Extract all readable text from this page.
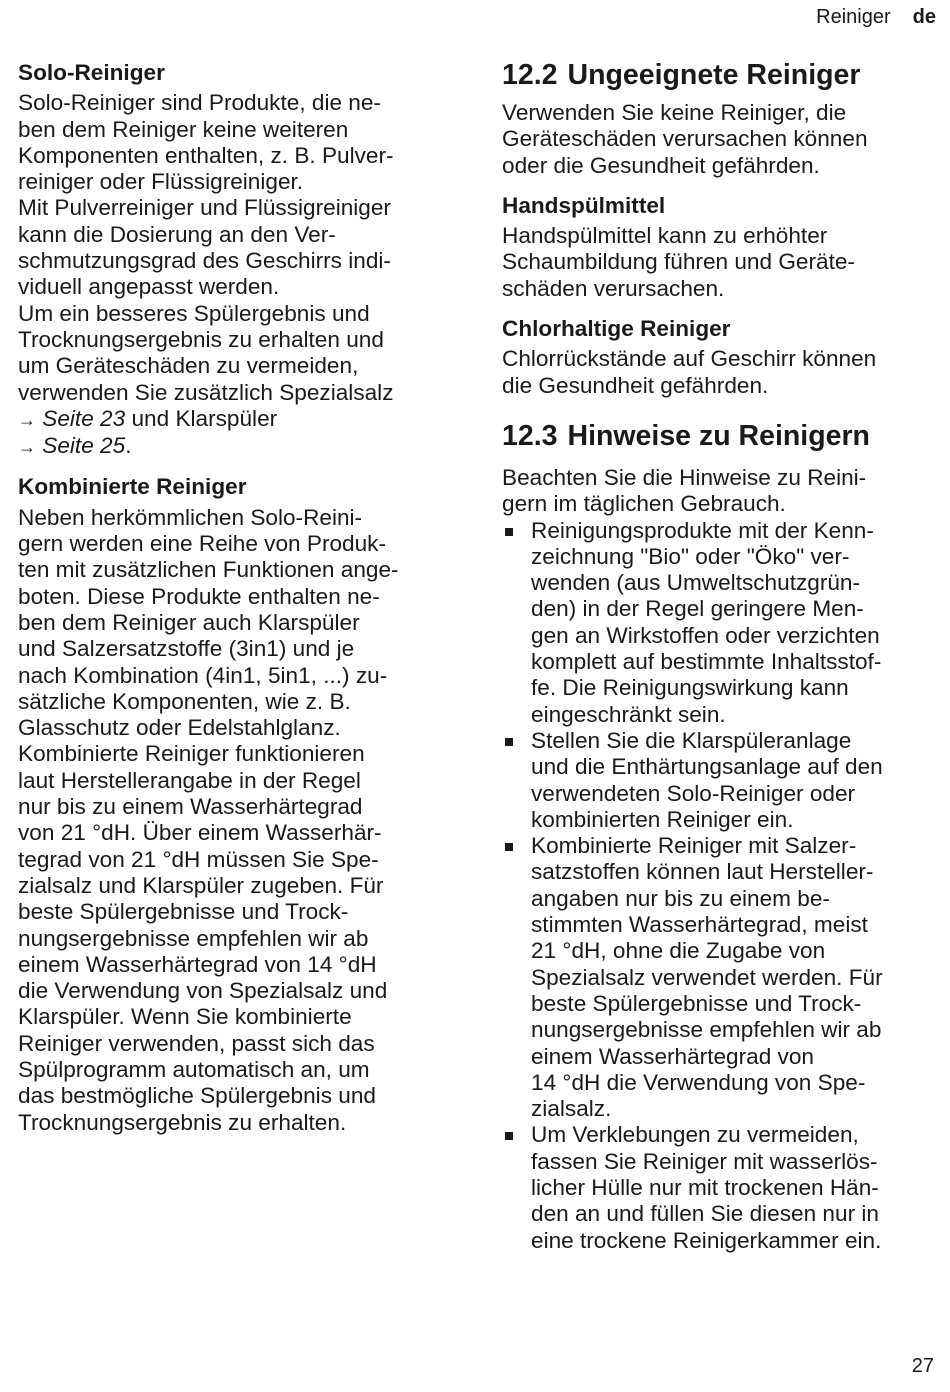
Reiniger de
Solo-Reiniger
Solo-Reiniger sind Produkte, die ne-
ben dem Reiniger keine weiteren
Komponenten enthalten, z. B. Pulver-
reiniger oder Flüssigreiniger.
Mit Pulverreiniger und Flüssigreiniger
kann die Dosierung an den Ver-
schmutzungsgrad des Geschirrs indi-
viduell angepasst werden.
Um ein besseres Spülergebnis und
Trocknungsergebnis zu erhalten und
um Geräteschäden zu vermeiden,
verwenden Sie zusätzlich Spezialsalz
→ Seite 23 und Klarspüler
→ Seite 25.
Kombinierte Reiniger
Neben herkömmlichen Solo-Reini-
gern werden eine Reihe von Produk-
ten mit zusätzlichen Funktionen ange-
boten. Diese Produkte enthalten ne-
ben dem Reiniger auch Klarspüler
und Salzersatzstoffe (3in1) und je
nach Kombination (4in1, 5in1, ...) zu-
sätzliche Komponenten, wie z. B.
Glasschutz oder Edelstahlglanz.
Kombinierte Reiniger funktionieren
laut Herstellerangabe in der Regel
nur bis zu einem Wasserhärtegrad
von 21 °dH. Über einem Wasserhär-
tegrad von 21 °dH müssen Sie Spe-
zialsalz und Klarspüler zugeben. Für
beste Spülergebnisse und Trock-
nungsergebnisse empfehlen wir ab
einem Wasserhärtegrad von 14 °dH
die Verwendung von Spezialsalz und
Klarspüler. Wenn Sie kombinierte
Reiniger verwenden, passt sich das
Spülprogramm automatisch an, um
das bestmögliche Spülergebnis und
Trocknungsergebnis zu erhalten.
12.2 Ungeeignete Reiniger
Verwenden Sie keine Reiniger, die
Geräteschäden verursachen können
oder die Gesundheit gefährden.
Handspülmittel
Handspülmittel kann zu erhöhter
Schaumbildung führen und Geräte-
schäden verursachen.
Chlorhaltige Reiniger
Chlorrückstände auf Geschirr können
die Gesundheit gefährden.
12.3 Hinweise zu Reinigern
Beachten Sie die Hinweise zu Reini-
gern im täglichen Gebrauch.
Reinigungsprodukte mit der Kenn-
zeichnung "Bio" oder "Öko" ver-
wenden (aus Umweltschutzgrün-
den) in der Regel geringere Men-
gen an Wirkstoffen oder verzichten
komplett auf bestimmte Inhaltsstof-
fe. Die Reinigungswirkung kann
eingeschränkt sein.
Stellen Sie die Klarspüleranlage
und die Enthärtungsanlage auf den
verwendeten Solo-Reiniger oder
kombinierten Reiniger ein.
Kombinierte Reiniger mit Salzer-
satzstoffen können laut Hersteller-
angaben nur bis zu einem be-
stimmten Wasserhärtegrad, meist
21 °dH, ohne die Zugabe von
Spezialsalz verwendet werden. Für
beste Spülergebnisse und Trock-
nungsergebnisse empfehlen wir ab
einem Wasserhärtegrad von
14 °dH die Verwendung von Spe-
zialsalz.
Um Verklebungen zu vermeiden,
fassen Sie Reiniger mit wasserlös-
licher Hülle nur mit trockenen Hän-
den an und füllen Sie diesen nur in
eine trockene Reinigerkammer ein.
27
